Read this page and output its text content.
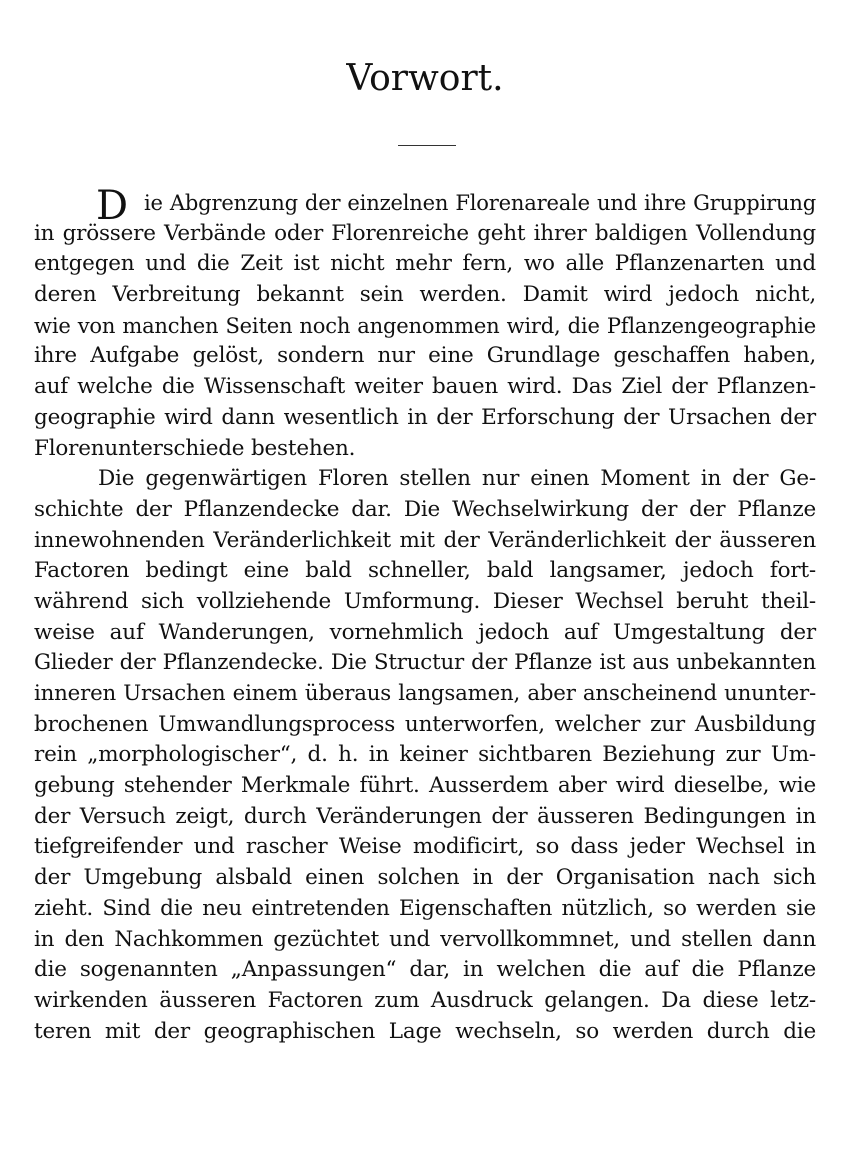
Vorwort.
D ie Abgrenzung der einzelnen Florenareale und ihre Gruppirung
in grössere Verbände oder Florenreiche geht ihrer baldigen Vollendung
entgegen und die Zeit ist nicht mehr fern, wo alle Pflanzenarten und
deren Verbreitung bekannt sein werden. Damit wird jedoch nicht,
wie von manchen Seiten noch angenommen wird, die Pflanzengeographie
ihre Aufgabe gelöst, sondern nur eine Grundlage geschaffen haben,
auf welche die Wissenschaft weiter bauen wird. Das Ziel der Pflanzen-
geographie wird dann wesentlich in der Erforschung der Ursachen der
Florenunterschiede bestehen.
Die gegenwärtigen Floren stellen nur einen Moment in der Ge-
schichte der Pflanzendecke dar. Die Wechselwirkung der der Pflanze
innewohnenden Veränderlichkeit mit der Veränderlichkeit der äusseren
Factoren bedingt eine bald schneller, bald langsamer, jedoch fort-
während sich vollziehende Umformung. Dieser Wechsel beruht theil-
weise auf Wanderungen, vornehmlich jedoch auf Umgestaltung der
Glieder der Pflanzendecke. Die Structur der Pflanze ist aus unbekannten
inneren Ursachen einem überaus langsamen, aber anscheinend ununter-
brochenen Umwandlungsprocess unterworfen, welcher zur Ausbildung
rein „morphologischer“, d. h. in keiner sichtbaren Beziehung zur Um-
gebung stehender Merkmale führt. Ausserdem aber wird dieselbe, wie
der Versuch zeigt, durch Veränderungen der äusseren Bedingungen in
tiefgreifender und rascher Weise modificirt, so dass jeder Wechsel in
der Umgebung alsbald einen solchen in der Organisation nach sich
zieht. Sind die neu eintretenden Eigenschaften nützlich, so werden sie
in den Nachkommen gezüchtet und vervollkommnet, und stellen dann
die sogenannten „Anpassungen“ dar, in welchen die auf die Pflanze
wirkenden äusseren Factoren zum Ausdruck gelangen. Da diese letz-
teren mit der geographischen Lage wechseln, so werden durch die
